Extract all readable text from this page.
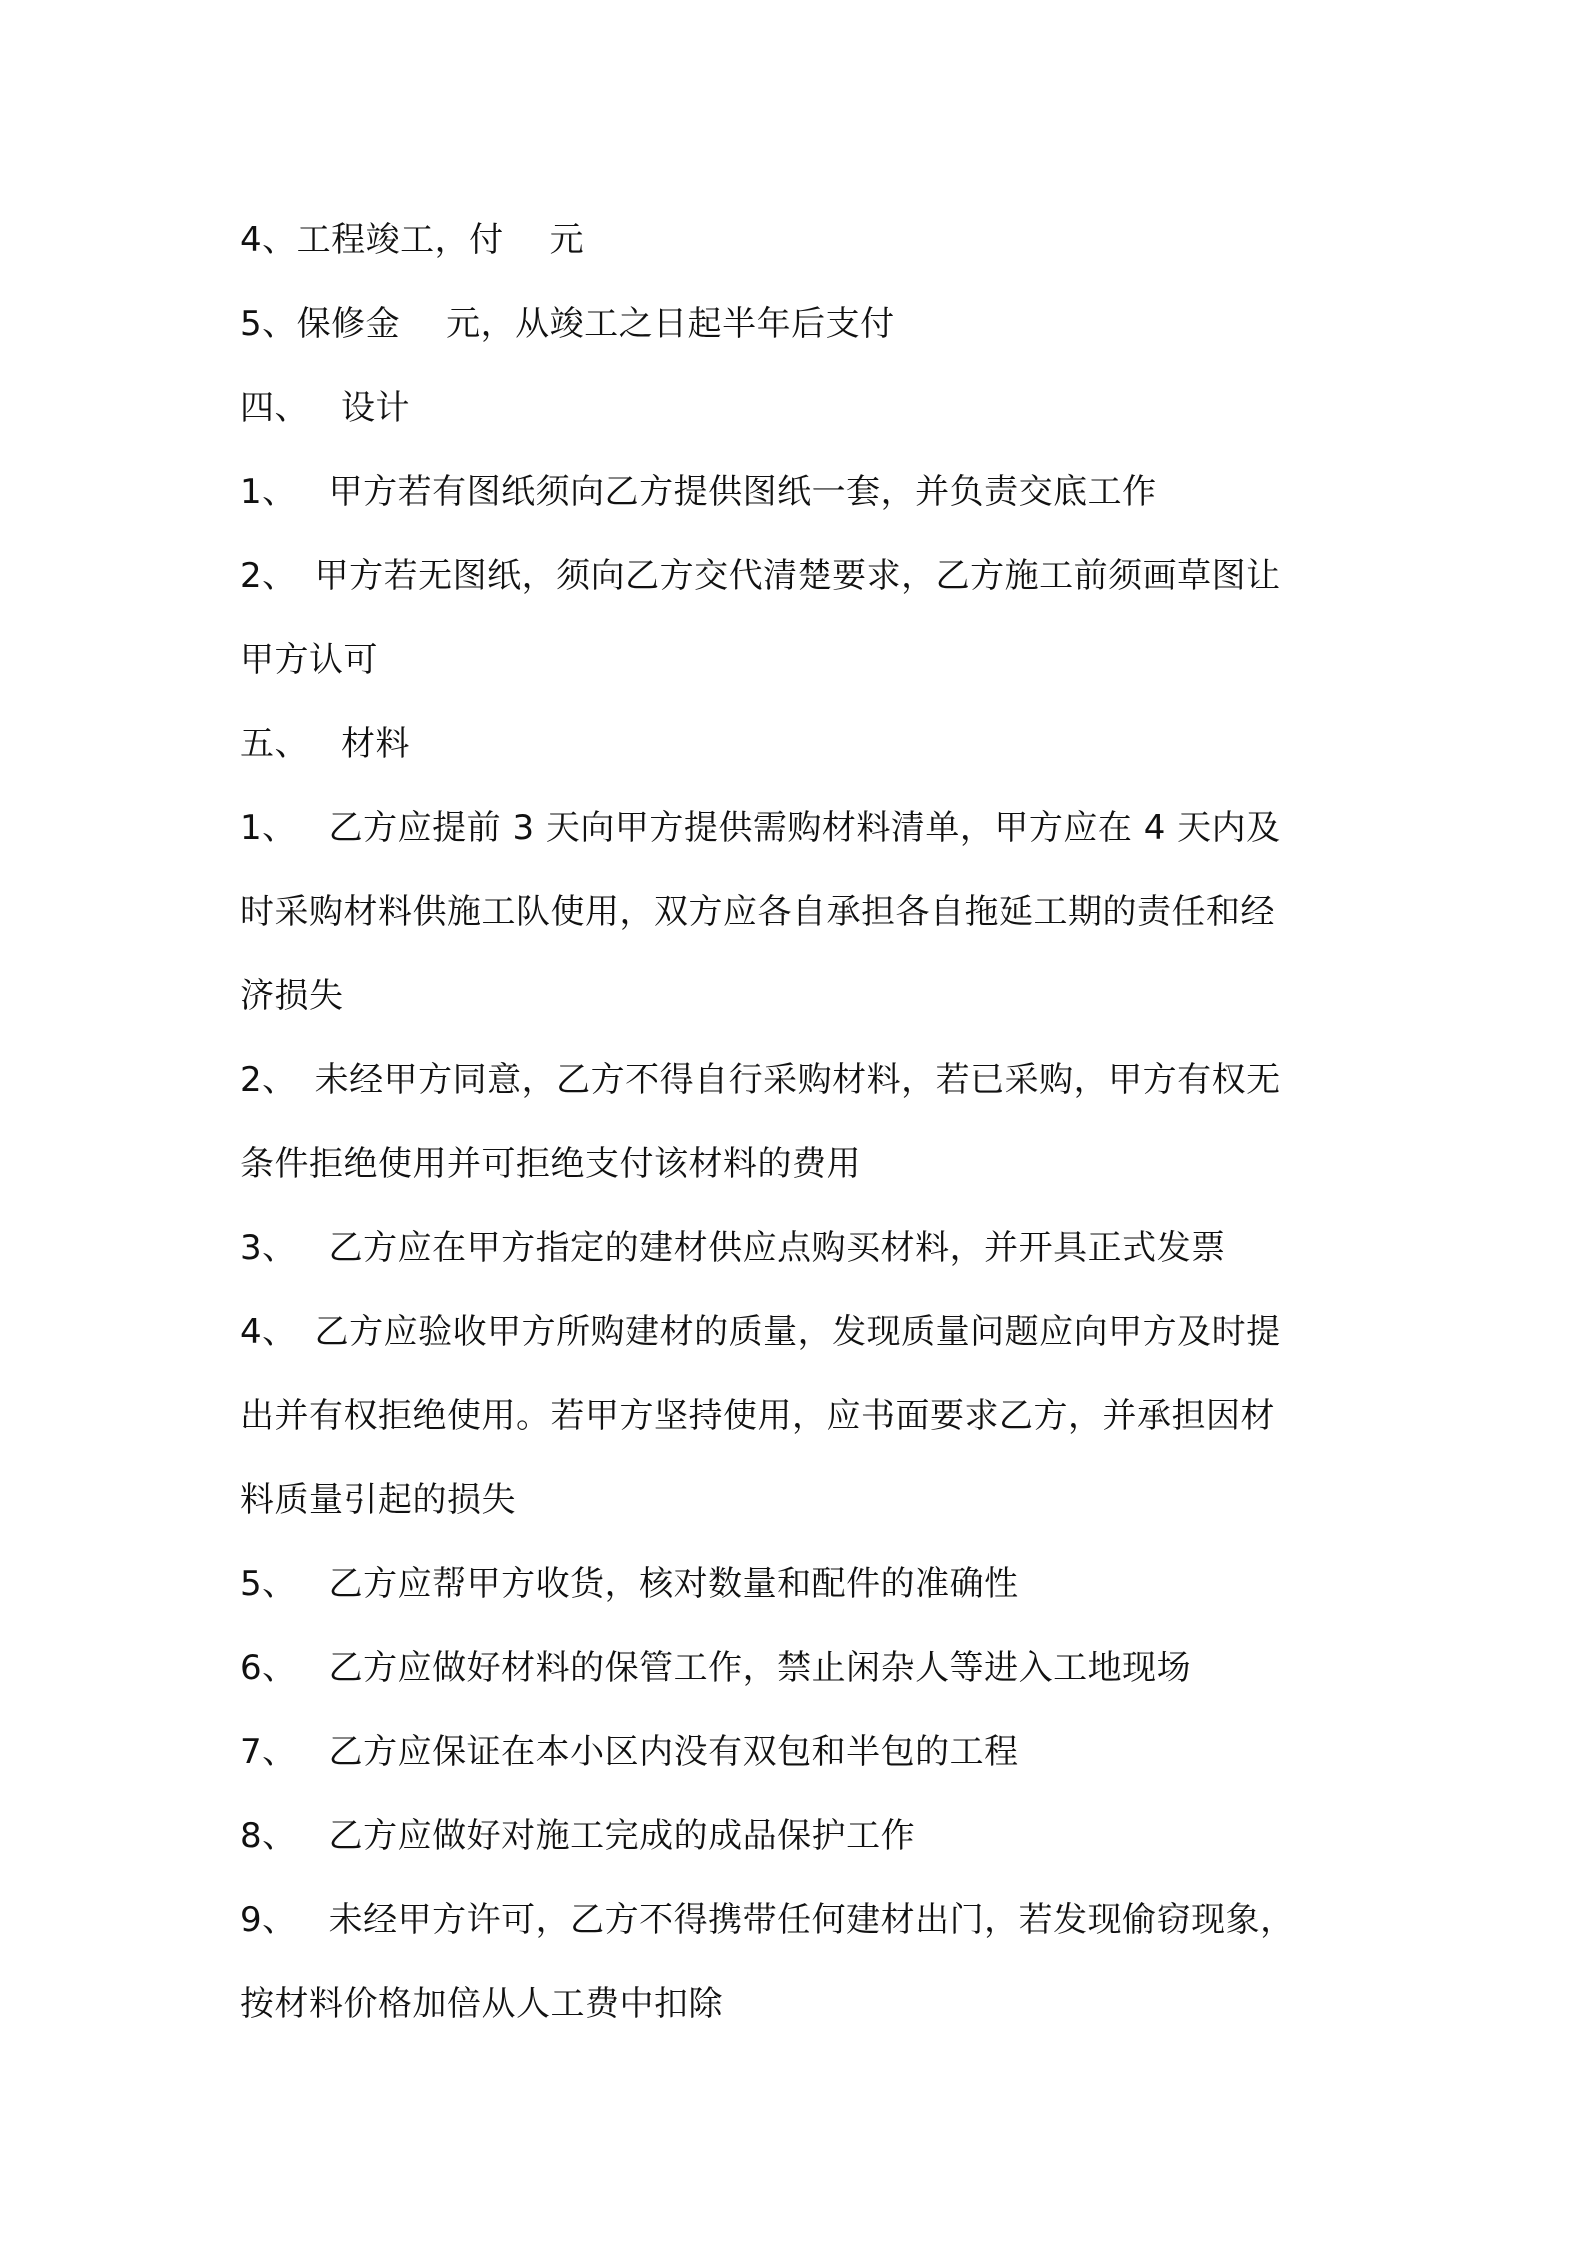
4、工程竣工，付 元
5、保修金 元，从竣工之日起半年后支付
四、 设计
1、 甲方若有图纸须向乙方提供图纸一套，并负责交底工作
2、 甲方若无图纸，须向乙方交代清楚要求，乙方施工前须画草图让
甲方认可
五、 材料
1、 乙方应提前 3 天向甲方提供需购材料清单，甲方应在 4 天内及
时采购材料供施工队使用，双方应各自承担各自拖延工期的责任和经
济损失
2、 未经甲方同意，乙方不得自行采购材料，若已采购，甲方有权无
条件拒绝使用并可拒绝支付该材料的费用
3、 乙方应在甲方指定的建材供应点购买材料，并开具正式发票
4、 乙方应验收甲方所购建材的质量，发现质量问题应向甲方及时提
出并有权拒绝使用。若甲方坚持使用，应书面要求乙方，并承担因材
料质量引起的损失
5、 乙方应帮甲方收货，核对数量和配件的准确性
6、 乙方应做好材料的保管工作，禁止闲杂人等进入工地现场
7、 乙方应保证在本小区内没有双包和半包的工程
8、 乙方应做好对施工完成的成品保护工作
9、 未经甲方许可，乙方不得携带任何建材出门，若发现偷窃现象，
按材料价格加倍从人工费中扣除
